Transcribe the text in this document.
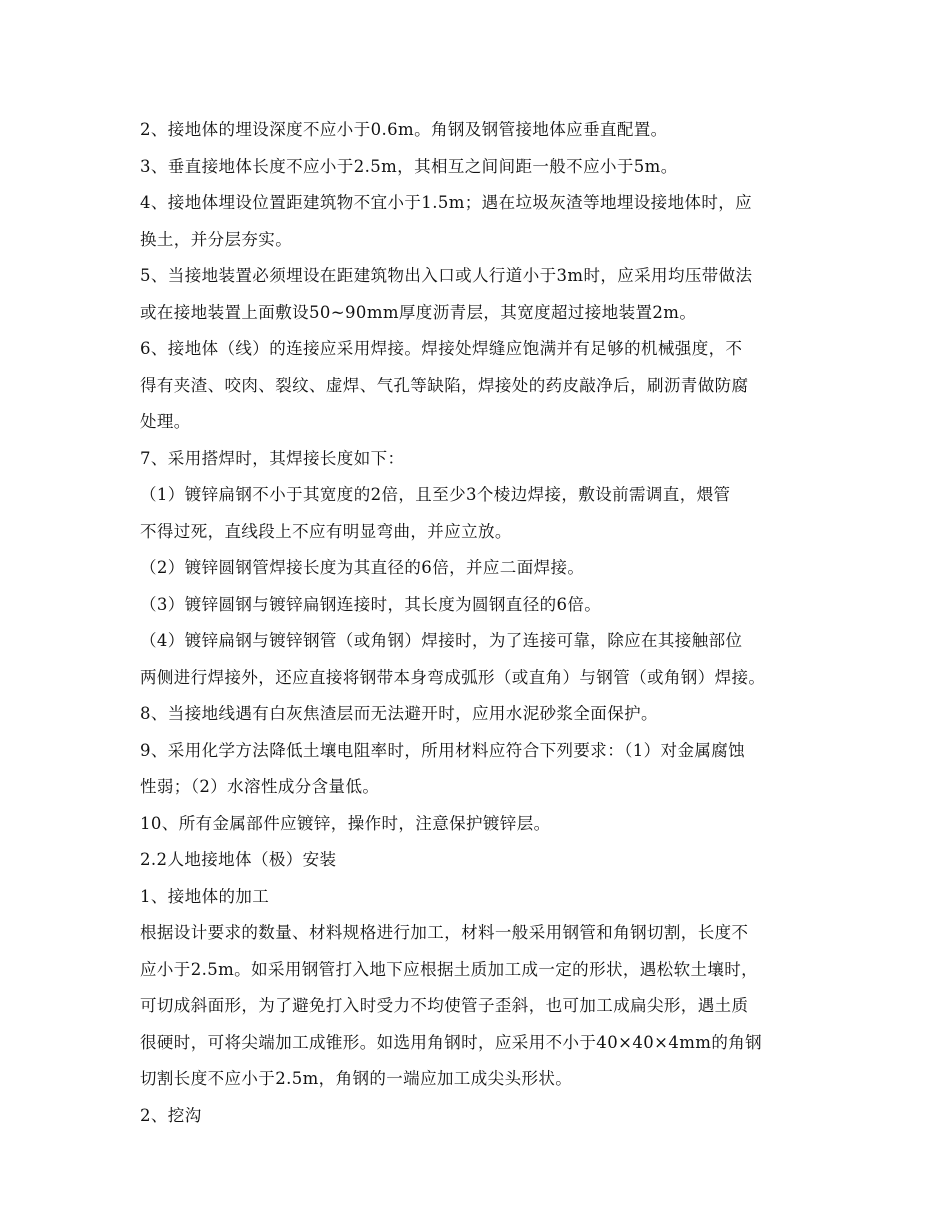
2、接地体的埋设深度不应小于0.6m。角钢及钢管接地体应垂直配置。
3、垂直接地体长度不应小于2.5m，其相互之间间距一般不应小于5m。
4、接地体埋设位置距建筑物不宜小于1.5m；遇在垃圾灰渣等地埋设接地体时，应
换土，并分层夯实。
5、当接地装置必须埋设在距建筑物出入口或人行道小于3m时，应采用均压带做法
或在接地装置上面敷设50~90mm厚度沥青层，其宽度超过接地装置2m。
6、接地体（线）的连接应采用焊接。焊接处焊缝应饱满并有足够的机械强度，不
得有夹渣、咬肉、裂纹、虚焊、气孔等缺陷，焊接处的药皮敲净后，刷沥青做防腐
处理。
7、采用搭焊时，其焊接长度如下：
（1）镀锌扁钢不小于其宽度的2倍，且至少3个棱边焊接，敷设前需调直，煨管
不得过死，直线段上不应有明显弯曲，并应立放。
（2）镀锌圆钢管焊接长度为其直径的6倍，并应二面焊接。
（3）镀锌圆钢与镀锌扁钢连接时，其长度为圆钢直径的6倍。
（4）镀锌扁钢与镀锌钢管（或角钢）焊接时，为了连接可靠，除应在其接触部位
两侧进行焊接外，还应直接将钢带本身弯成弧形（或直角）与钢管（或角钢）焊接。
8、当接地线遇有白灰焦渣层而无法避开时，应用水泥砂浆全面保护。
9、采用化学方法降低土壤电阻率时，所用材料应符合下列要求：（1）对金属腐蚀
性弱；（2）水溶性成分含量低。
10、所有金属部件应镀锌，操作时，注意保护镀锌层。
2.2人地接地体（极）安装
1、接地体的加工
根据设计要求的数量、材料规格进行加工，材料一般采用钢管和角钢切割，长度不
应小于2.5m。如采用钢管打入地下应根据土质加工成一定的形状，遇松软土壤时，
可切成斜面形，为了避免打入时受力不均使管子歪斜，也可加工成扁尖形，遇土质
很硬时，可将尖端加工成锥形。如选用角钢时，应采用不小于40×40×4mm的角钢
切割长度不应小于2.5m，角钢的一端应加工成尖头形状。
2、挖沟
